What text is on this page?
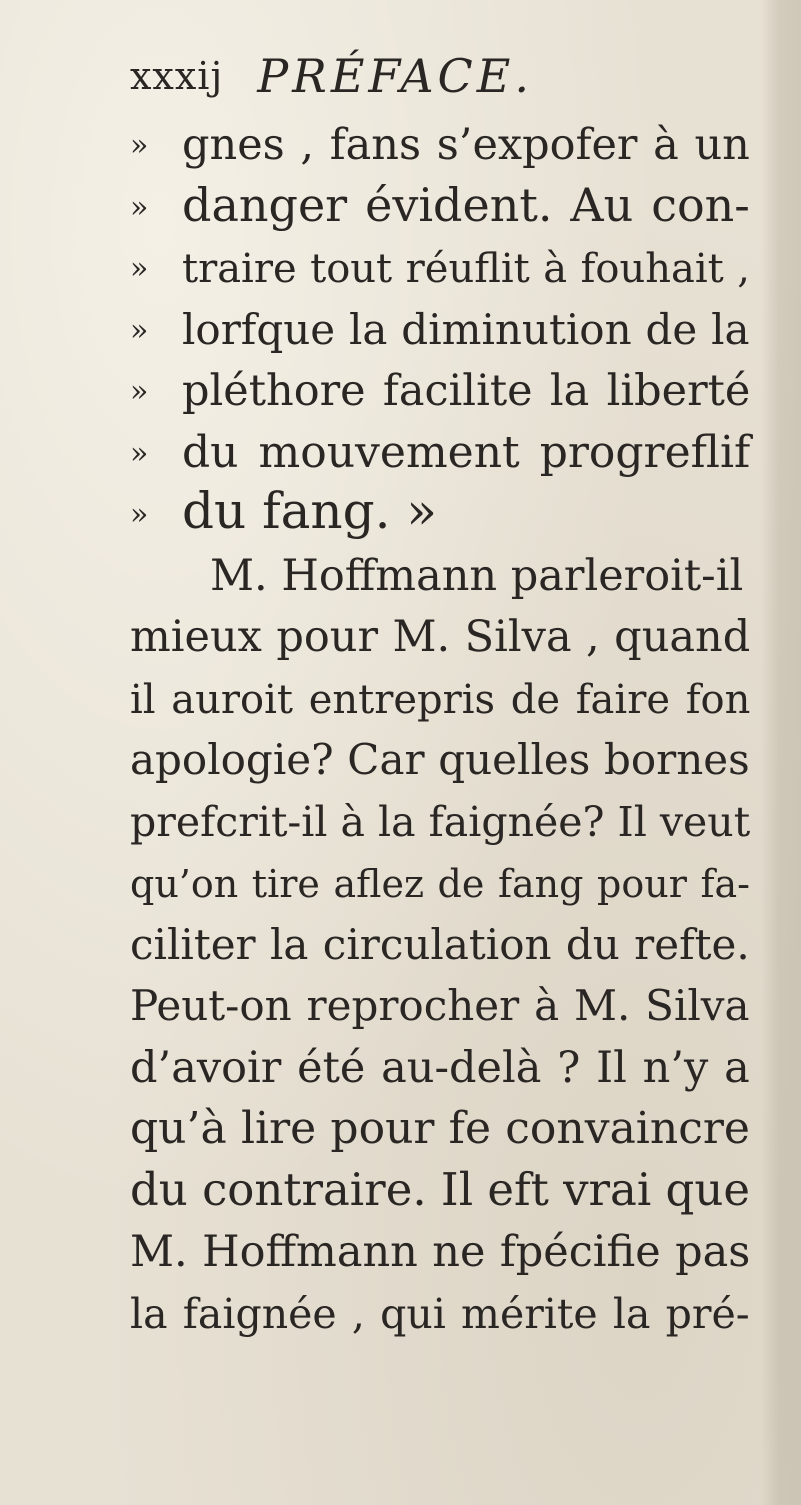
xxxij PRÉFACE.
» gnes , fans s’expofer à un
» danger évident. Au con-
» traire tout réuflit à fouhait ,
» lorfque la diminution de la
» pléthore facilite la liberté
» du mouvement progreflif
» du fang. »
M. Hoffmann parleroit-il
mieux pour M. Silva , quand
il auroit entrepris de faire fon
apologie? Car quelles bornes
prefcrit-il à la faignée? Il veut
qu’on tire aflez de fang pour fa-
ciliter la circulation du refte.
Peut-on reprocher à M. Silva
d’avoir été au-delà ? Il n’y a
qu’à lire pour fe convaincre
du contraire. Il eft vrai que
M. Hoffmann ne fpécifie pas
la faignée , qui mérite la pré-
